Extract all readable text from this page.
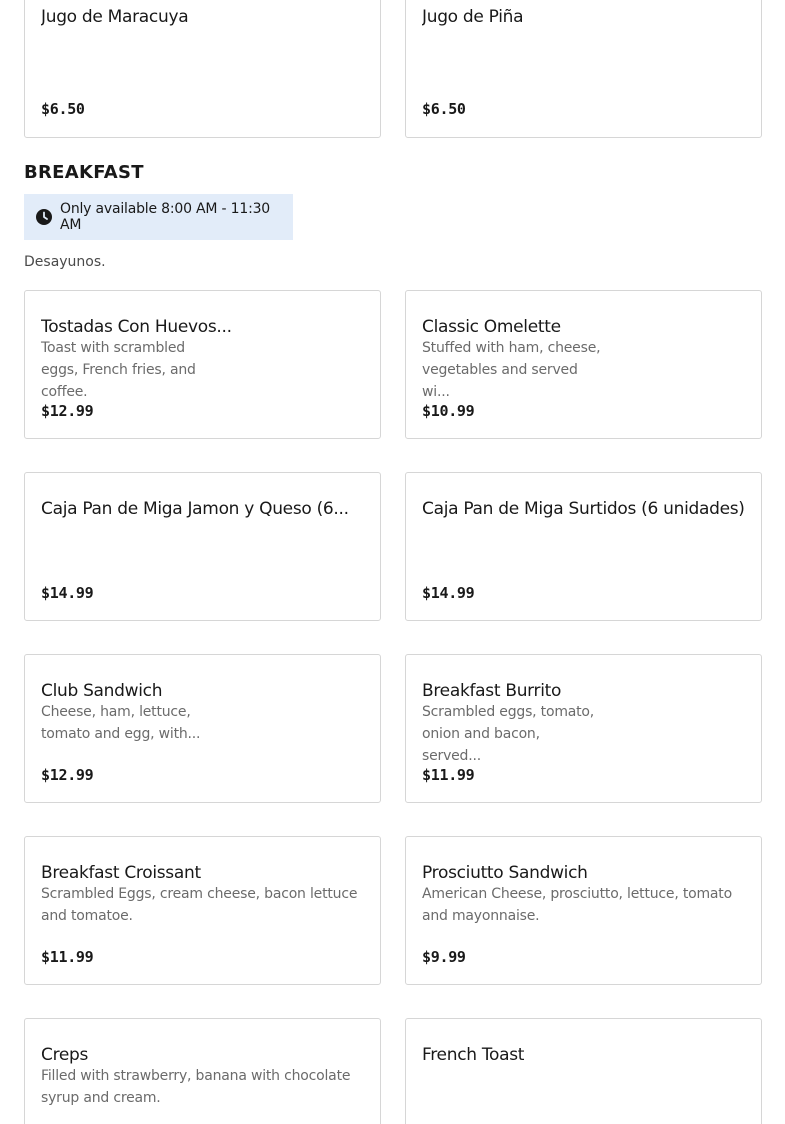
Jugo de Maracuya
$6.50
Jugo de Piña
$6.50
BREAKFAST
Only available 8:00 AM - 11:30 AM
Desayunos.
Tostadas Con Huevos...
Toast with scrambled eggs, French fries, and coffee.
$12.99
Classic Omelette
Stuffed with ham, cheese, vegetables and served wi...
$10.99
Caja Pan de Miga Jamon y Queso (6...
$14.99
Caja Pan de Miga Surtidos (6 unidades)
$14.99
Club Sandwich
Cheese, ham, lettuce, tomato and egg, with...
$12.99
Breakfast Burrito
Scrambled eggs, tomato, onion and bacon, served...
$11.99
Breakfast Croissant
Scrambled Eggs, cream cheese, bacon lettuce and tomatoe.
$11.99
Prosciutto Sandwich
American Cheese, prosciutto, lettuce, tomato and mayonnaise.
$9.99
Creps
Filled with strawberry, banana with chocolate syrup and cream.
French Toast
